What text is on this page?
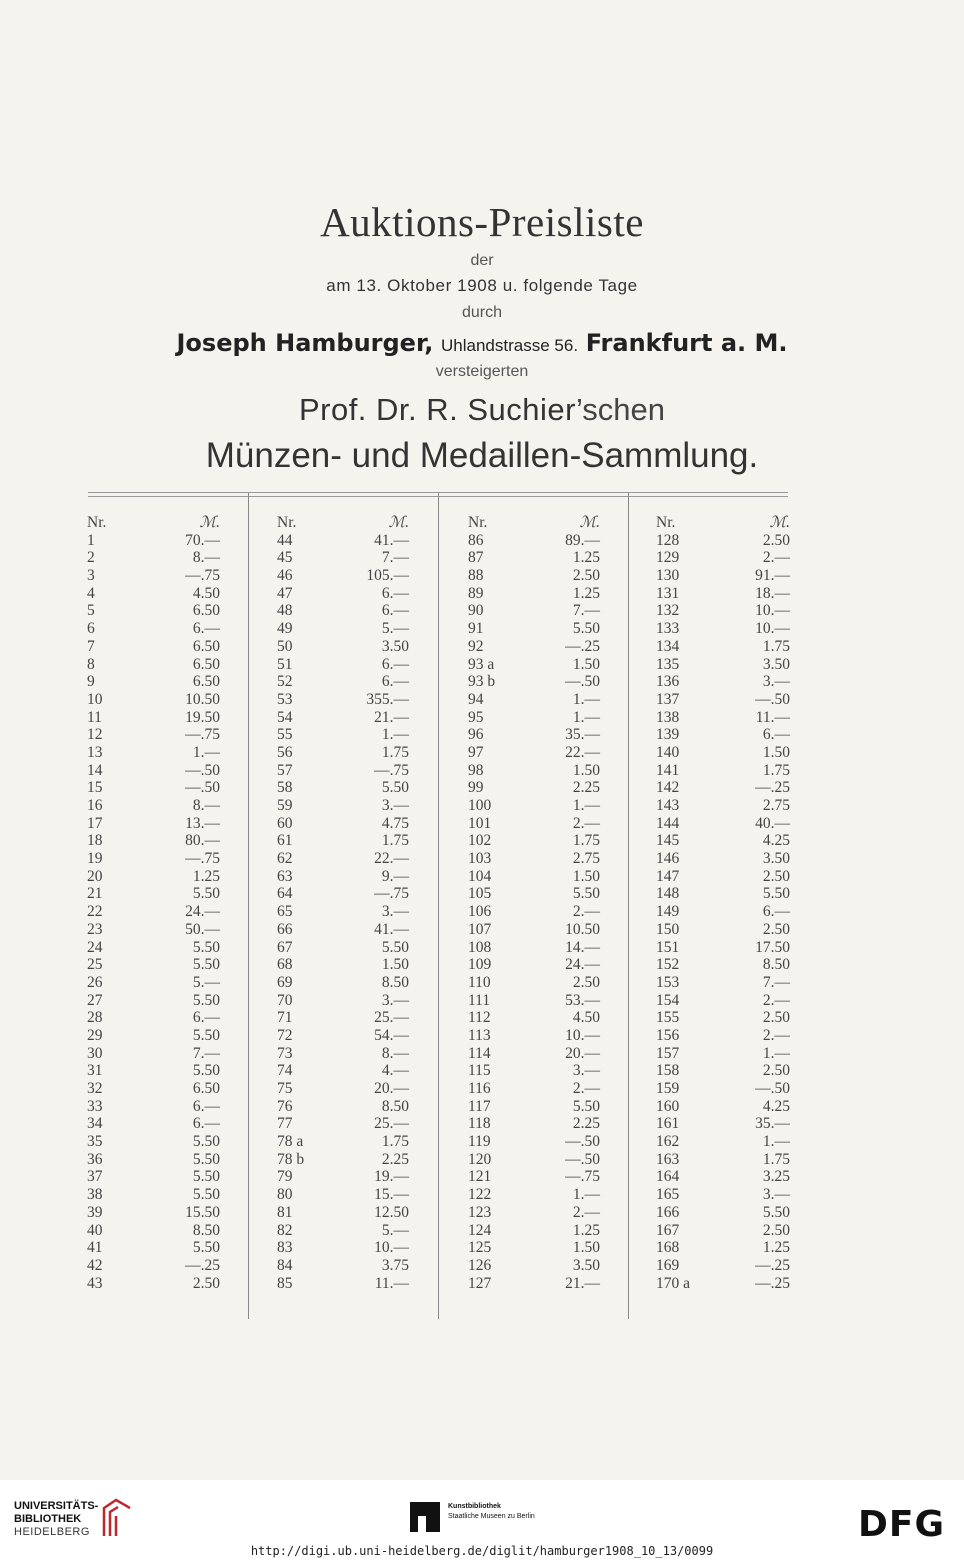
Auktions-Preisliste
der
am 13. Oktober 1908 u. folgende Tage
durch
Joseph Hamburger, Uhlandstrasse 56. Frankfurt a. M.
versteigerten
Prof. Dr. R. Suchier’schen
Münzen- und Medaillen-Sammlung.
Nr.	ℳ.
1	70.—
2	8.—
3	—.75
4	4.50
5	6.50
6	6.—
7	6.50
8	6.50
9	6.50
10	10.50
11	19.50
12	—.75
13	1.—
14	—.50
15	—.50
16	8.—
17	13.—
18	80.—
19	—.75
20	1.25
21	5.50
22	24.—
23	50.—
24	5.50
25	5.50
26	5.—
27	5.50
28	6.—
29	5.50
30	7.—
31	5.50
32	6.50
33	6.—
34	6.—
35	5.50
36	5.50
37	5.50
38	5.50
39	15.50
40	8.50
41	5.50
42	—.25
43	2.50
Nr.	ℳ.
44	41.—
45	7.—
46	105.—
47	6.—
48	6.—
49	5.—
50	3.50
51	6.—
52	6.—
53	355.—
54	21.—
55	1.—
56	1.75
57	—.75
58	5.50
59	3.—
60	4.75
61	1.75
62	22.—
63	9.—
64	—.75
65	3.—
66	41.—
67	5.50
68	1.50
69	8.50
70	3.—
71	25.—
72	54.—
73	8.—
74	4.—
75	20.—
76	8.50
77	25.—
78 a	1.75
78 b	2.25
79	19.—
80	15.—
81	12.50
82	5.—
83	10.—
84	3.75
85	11.—
Nr.	ℳ.
86	89.—
87	1.25
88	2.50
89	1.25
90	7.—
91	5.50
92	—.25
93 a	1.50
93 b	—.50
94	1.—
95	1.—
96	35.—
97	22.—
98	1.50
99	2.25
100	1.—
101	2.—
102	1.75
103	2.75
104	1.50
105	5.50
106	2.—
107	10.50
108	14.—
109	24.—
110	2.50
111	53.—
112	4.50
113	10.—
114	20.—
115	3.—
116	2.—
117	5.50
118	2.25
119	—.50
120	—.50
121	—.75
122	1.—
123	2.—
124	1.25
125	1.50
126	3.50
127	21.—
Nr.	ℳ.
128	2.50
129	2.—
130	91.—
131	18.—
132	10.—
133	10.—
134	1.75
135	3.50
136	3.—
137	—.50
138	11.—
139	6.—
140	1.50
141	1.75
142	—.25
143	2.75
144	40.—
145	4.25
146	3.50
147	2.50
148	5.50
149	6.—
150	2.50
151	17.50
152	8.50
153	7.—
154	2.—
155	2.50
156	2.—
157	1.—
158	2.50
159	—.50
160	4.25
161	35.—
162	1.—
163	1.75
164	3.25
165	3.—
166	5.50
167	2.50
168	1.25
169	—.25
170 a	—.25
UNIVERSITÄTS-
BIBLIOTHEK
HEIDELBERG
Kunstbibliothek
Staatliche Museen zu Berlin	DFG
http://digi.ub.uni-heidelberg.de/diglit/hamburger1908_10_13/0099
